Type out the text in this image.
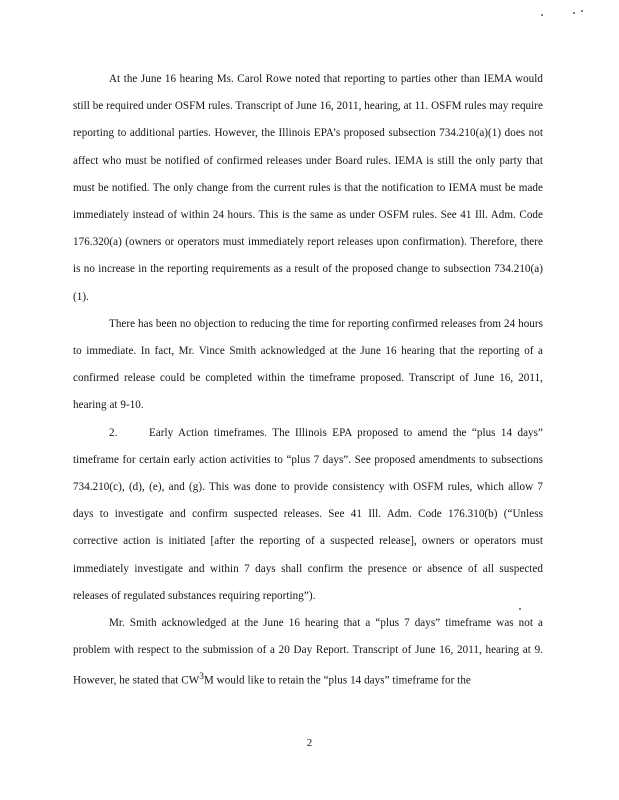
At the June 16 hearing Ms. Carol Rowe noted that reporting to parties other than IEMA would still be required under OSFM rules. Transcript of June 16, 2011, hearing, at 11. OSFM rules may require reporting to additional parties. However, the Illinois EPA’s proposed subsection 734.210(a)(1) does not affect who must be notified of confirmed releases under Board rules. IEMA is still the only party that must be notified. The only change from the current rules is that the notification to IEMA must be made immediately instead of within 24 hours. This is the same as under OSFM rules. See 41 Ill. Adm. Code 176.320(a) (owners or operators must immediately report releases upon confirmation). Therefore, there is no increase in the reporting requirements as a result of the proposed change to subsection 734.210(a)(1).

There has been no objection to reducing the time for reporting confirmed releases from 24 hours to immediate. In fact, Mr. Vince Smith acknowledged at the June 16 hearing that the reporting of a confirmed release could be completed within the timeframe proposed. Transcript of June 16, 2011, hearing at 9-10.

2.	Early Action timeframes. The Illinois EPA proposed to amend the “plus 14 days” timeframe for certain early action activities to “plus 7 days”. See proposed amendments to subsections 734.210(c), (d), (e), and (g). This was done to provide consistency with OSFM rules, which allow 7 days to investigate and confirm suspected releases. See 41 Ill. Adm. Code 176.310(b) (“Unless corrective action is initiated [after the reporting of a suspected release], owners or operators must immediately investigate and within 7 days shall confirm the presence or absence of all suspected releases of regulated substances requiring reporting”).

Mr. Smith acknowledged at the June 16 hearing that a “plus 7 days” timeframe was not a problem with respect to the submission of a 20 Day Report. Transcript of June 16, 2011, hearing at 9. However, he stated that $CW^3M$ would like to retain the “plus 14 days” timeframe for the

2
